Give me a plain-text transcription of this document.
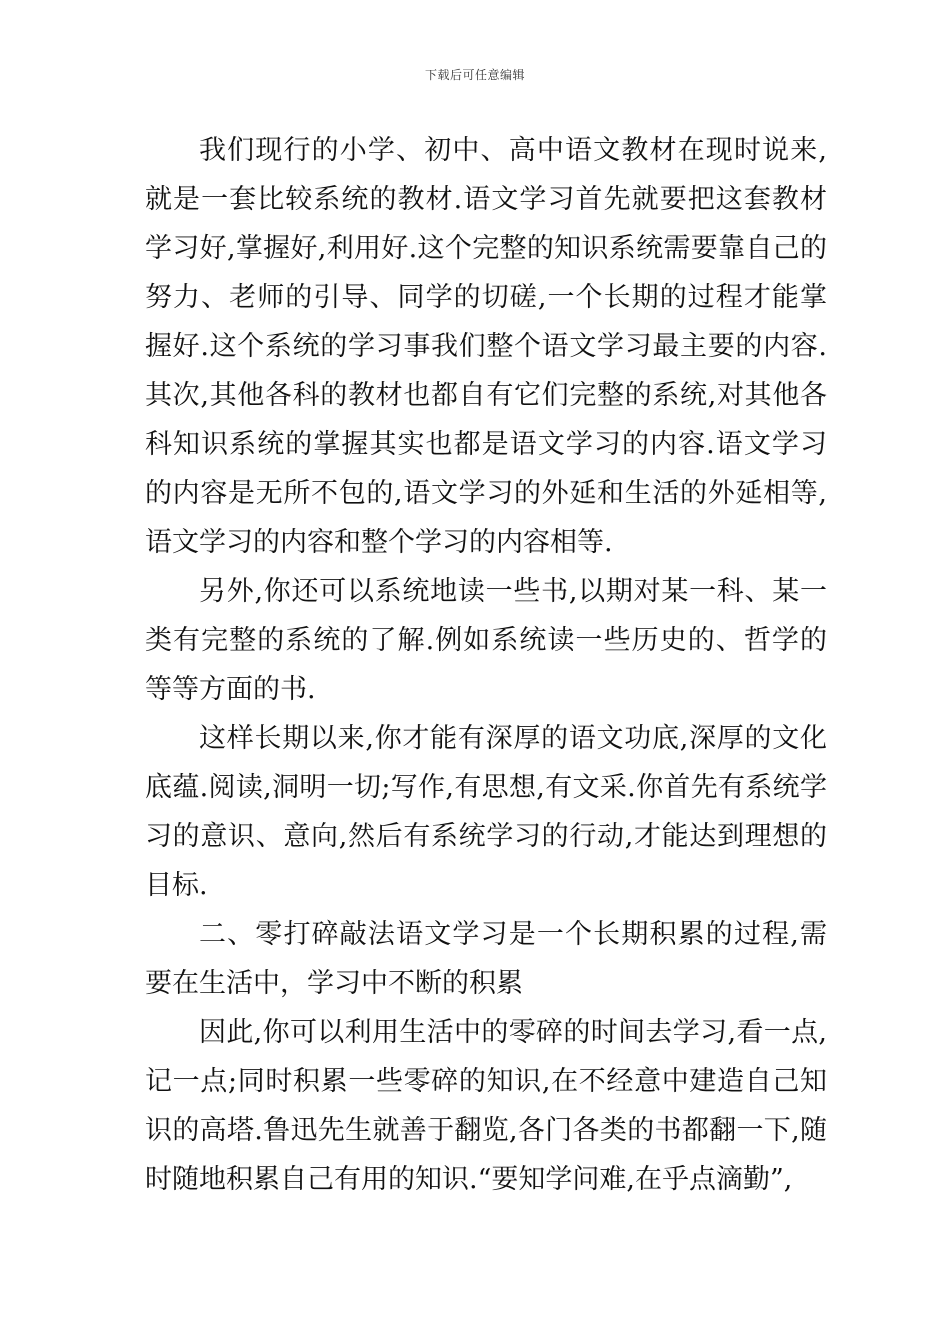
下载后可任意编辑

我们现行的小学、初中、高中语文教材在现时说来,就是一套比较系统的教材.语文学习首先就要把这套教材学习好,掌握好,利用好.这个完整的知识系统需要靠自己的努力、老师的引导、同学的切磋,一个长期的过程才能掌握好.这个系统的学习事我们整个语文学习最主要的内容.其次,其他各科的教材也都自有它们完整的系统,对其他各科知识系统的掌握其实也都是语文学习的内容.语文学习的内容是无所不包的,语文学习的外延和生活的外延相等,语文学习的内容和整个学习的内容相等.

另外,你还可以系统地读一些书,以期对某一科、某一类有完整的系统的了解.例如系统读一些历史的、哲学的等等方面的书.

这样长期以来,你才能有深厚的语文功底,深厚的文化底蕴.阅读,洞明一切;写作,有思想,有文采.你首先有系统学习的意识、意向,然后有系统学习的行动,才能达到理想的目标.

二、零打碎敲法语文学习是一个长期积累的过程,需要在生活中，学习中不断的积累

因此,你可以利用生活中的零碎的时间去学习,看一点,记一点;同时积累一些零碎的知识,在不经意中建造自己知识的高塔.鲁迅先生就善于翻览,各门各类的书都翻一下,随时随地积累自己有用的知识.“要知学问难,在乎点滴勤”,
